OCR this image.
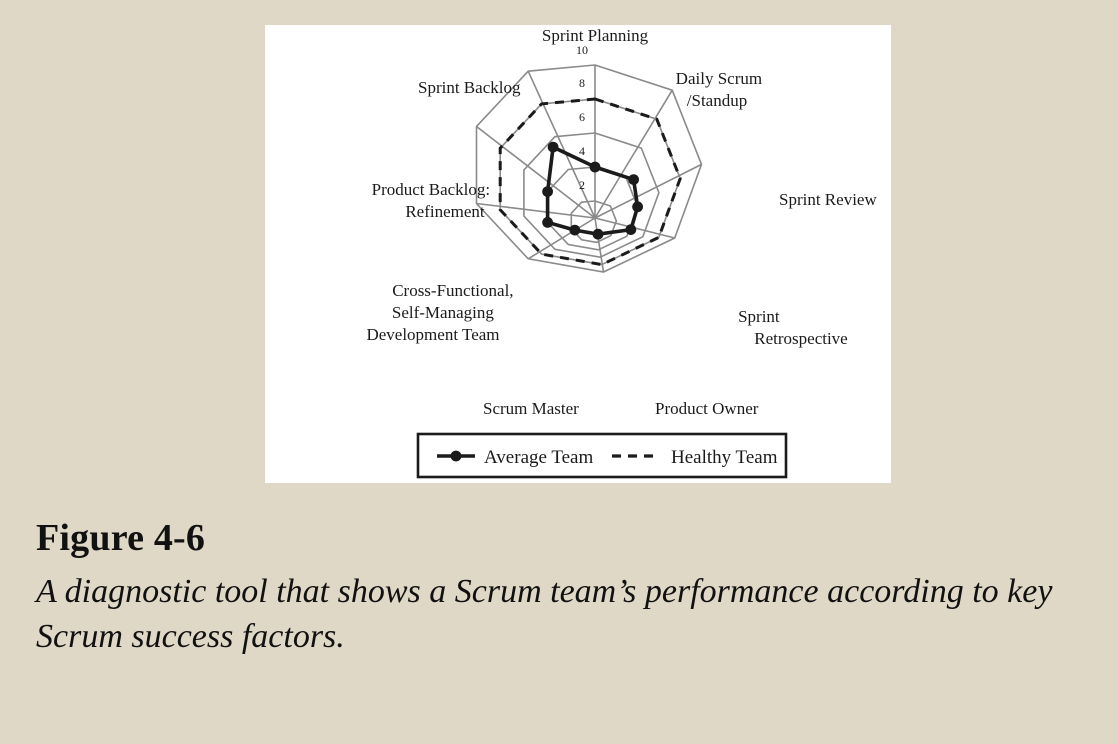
2
4
6
8
10
Sprint Planning
Daily Scrum /Standup
Sprint Review
Sprint Retrospective
Product Owner
Scrum Master
Cross-Functional, Self-Managing Development Team
Product Backlog: Refinement
Sprint Backlog
Average Team	Healthy Team
Figure 4-6
A diagnostic tool that shows a Scrum team’s performance according to key Scrum success factors.
